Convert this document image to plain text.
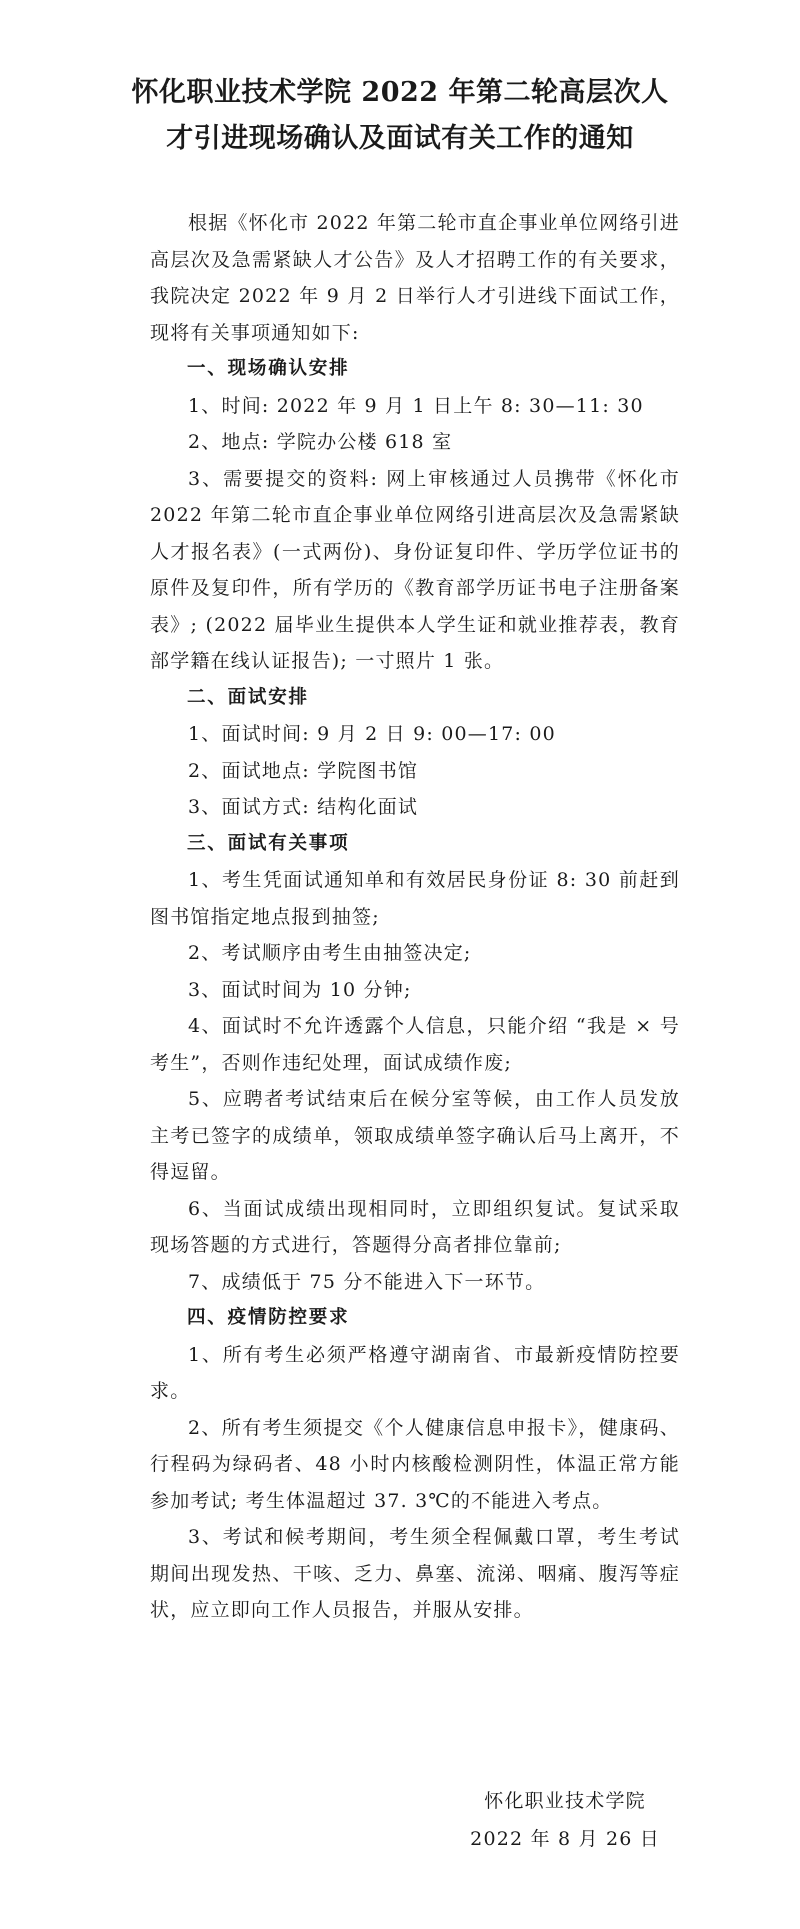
怀化职业技术学院 2022 年第二轮高层次人
才引进现场确认及面试有关工作的通知

根据《怀化市 2022 年第二轮市直企事业单位网络引进高层次及急需紧缺人才公告》及人才招聘工作的有关要求，我院决定 2022 年 9 月 2 日举行人才引进线下面试工作，现将有关事项通知如下:

一、现场确认安排

1、时间: 2022 年 9 月 1 日上午 8: 30—11: 30

2、地点: 学院办公楼 618 室

3、需要提交的资料: 网上审核通过人员携带《怀化市 2022 年第二轮市直企事业单位网络引进高层次及急需紧缺人才报名表》(一式两份)、身份证复印件、学历学位证书的原件及复印件，所有学历的《教育部学历证书电子注册备案表》; (2022 届毕业生提供本人学生证和就业推荐表，教育部学籍在线认证报告); 一寸照片 1 张。

二、面试安排

1、面试时间: 9 月 2 日 9: 00—17: 00

2、面试地点: 学院图书馆

3、面试方式: 结构化面试

三、面试有关事项

1、考生凭面试通知单和有效居民身份证 8: 30 前赶到图书馆指定地点报到抽签;

2、考试顺序由考生由抽签决定;

3、面试时间为 10 分钟;

4、面试时不允许透露个人信息，只能介绍 “我是 × 号考生”，否则作违纪处理，面试成绩作废;

5、应聘者考试结束后在候分室等候，由工作人员发放主考已签字的成绩单，领取成绩单签字确认后马上离开，不得逗留。

6、当面试成绩出现相同时，立即组织复试。复试采取现场答题的方式进行，答题得分高者排位靠前;

7、成绩低于 75 分不能进入下一环节。

四、疫情防控要求

1、所有考生必须严格遵守湖南省、市最新疫情防控要求。

2、所有考生须提交《个人健康信息申报卡》，健康码、行程码为绿码者、48 小时内核酸检测阴性，体温正常方能参加考试; 考生体温超过 37. 3℃的不能进入考点。

3、考试和候考期间，考生须全程佩戴口罩，考生考试期间出现发热、干咳、乏力、鼻塞、流涕、咽痛、腹泻等症状，应立即向工作人员报告，并服从安排。

怀化职业技术学院
2022 年 8 月 26 日
